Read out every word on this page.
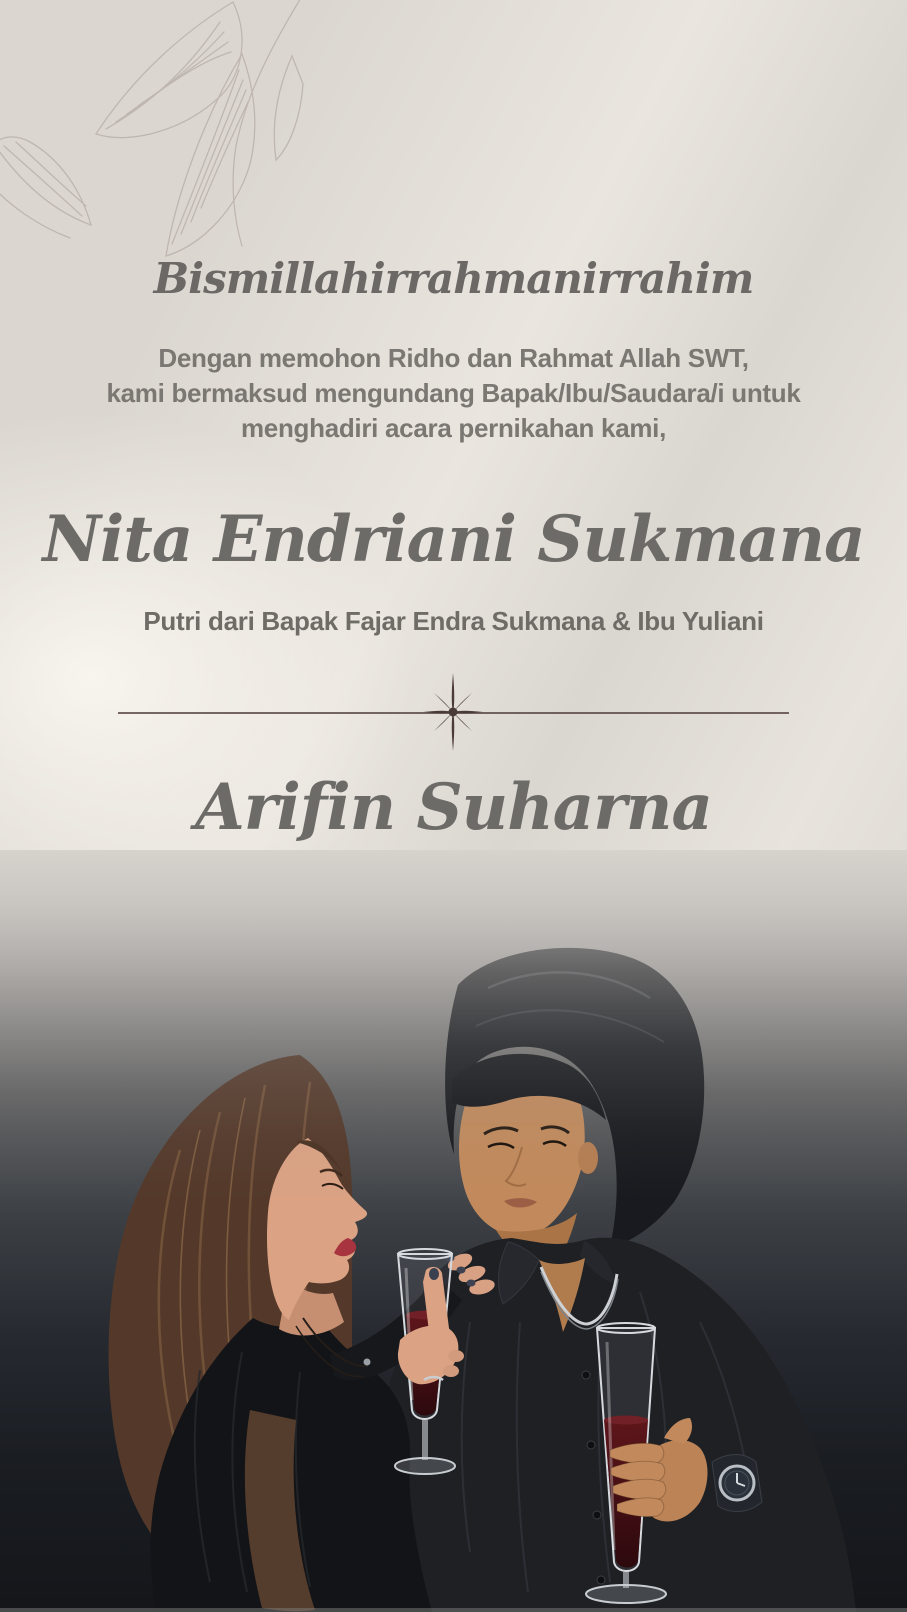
Bismillahirrahmanirrahim
Dengan memohon Ridho dan Rahmat Allah SWT,
kami bermaksud mengundang Bapak/Ibu/Saudara/i untuk
menghadiri acara pernikahan kami,
Nita Endriani Sukmana
Putri dari Bapak Fajar Endra Sukmana & Ibu Yuliani
Arifin Suharna
